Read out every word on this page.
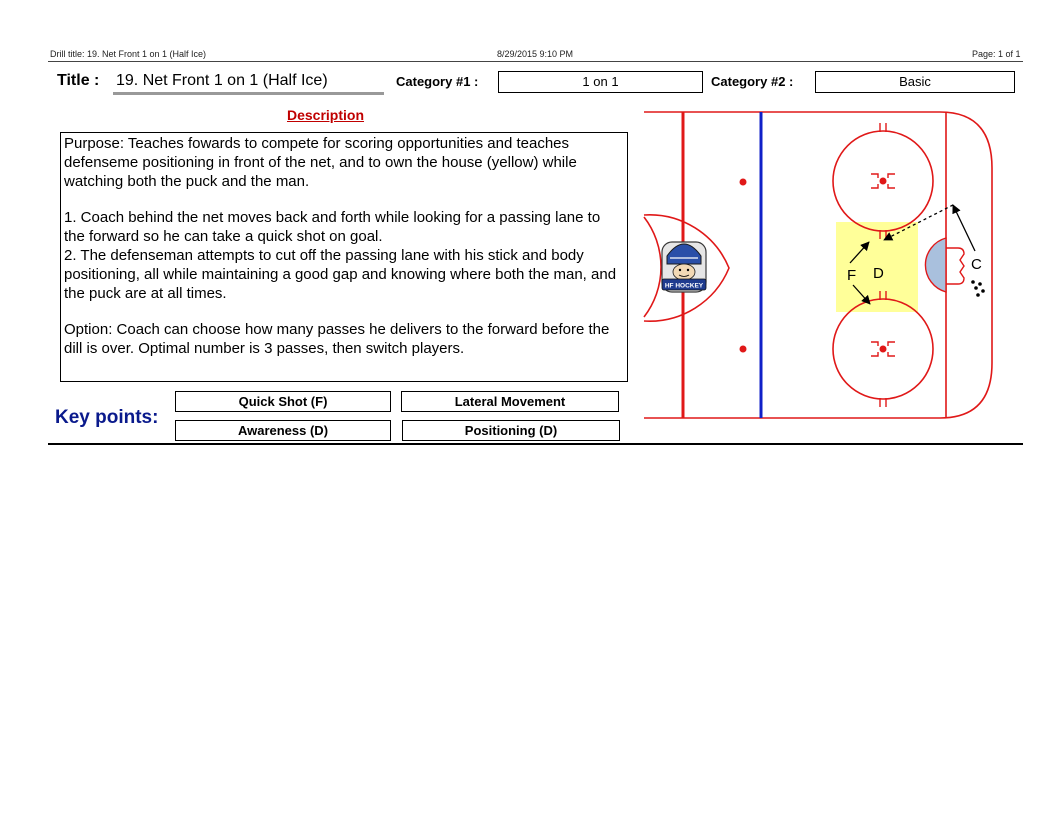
Drill title: 19. Net Front 1 on 1 (Half Ice)	8/29/2015 9:10 PM	Page: 1 of 1
Title : 19. Net Front 1 on 1 (Half Ice)	Category #1 :	1 on 1	Category #2 :	Basic
Description

Purpose: Teaches fowards to compete for scoring opportunities and teaches defenseme positioning in front of the net, and to own the house (yellow) while watching both the puck and the man.

1. Coach behind the net moves back and forth while looking for a passing lane to the forward so he can take a quick shot on goal.

2. The defenseman attempts to cut off the passing lane with his stick and body positioning, all while maintaining a good gap and knowing where both the man, and the puck are at all times.

Option: Coach can choose how many passes he delivers to the forward before the dill is over. Optimal number is 3 passes, then switch players.

Key points:
Quick Shot (F)	Lateral Movement
Awareness (D)	Positioning (D)
F D
C
HF HOCKEY
